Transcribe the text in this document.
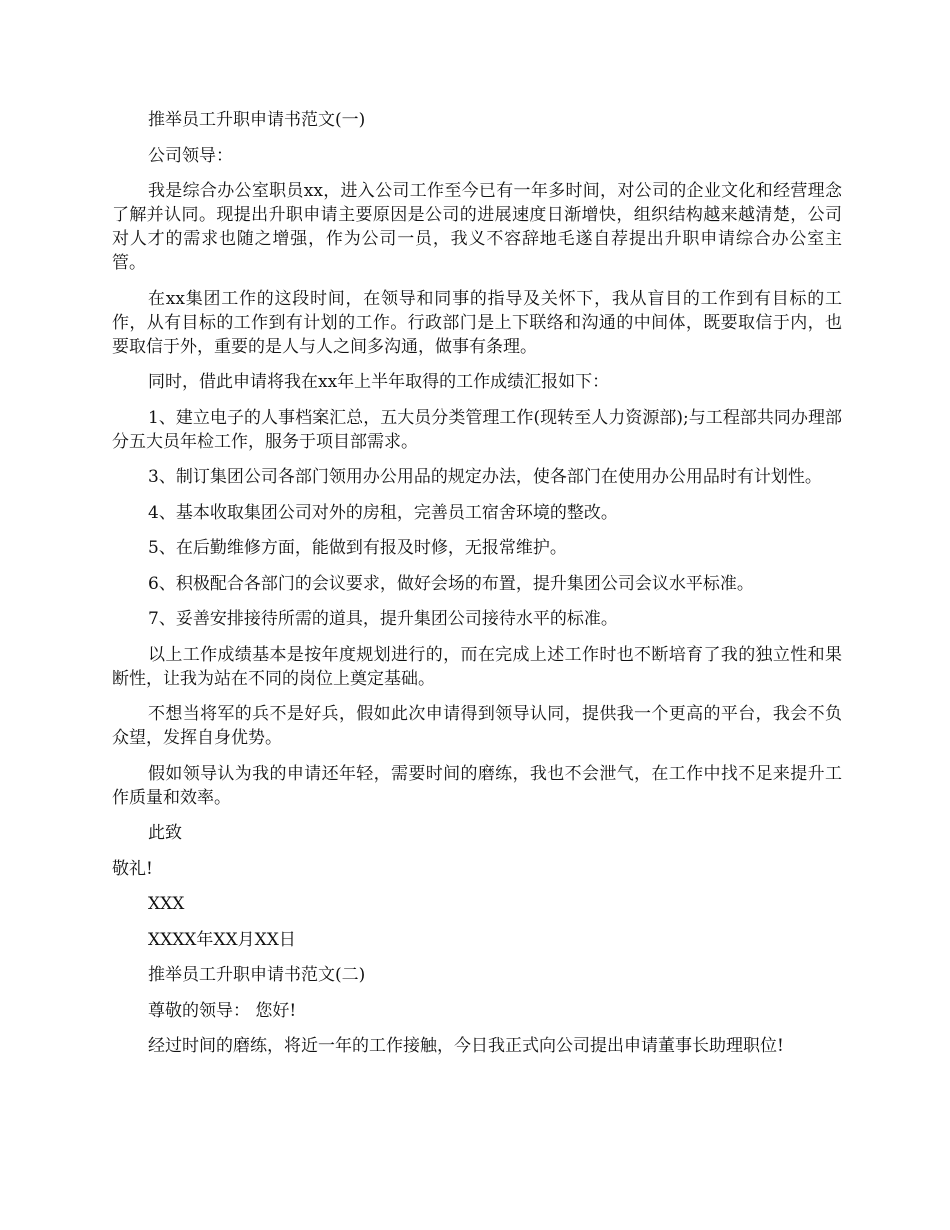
推举员工升职申请书范文(一)

公司领导：

我是综合办公室职员xx，进入公司工作至今已有一年多时间，对公司的企业文化和经营理念了解并认同。现提出升职申请主要原因是公司的进展速度日渐增快，组织结构越来越清楚，公司对人才的需求也随之增强，作为公司一员，我义不容辞地毛遂自荐提出升职申请综合办公室主管。

在xx集团工作的这段时间，在领导和同事的指导及关怀下，我从盲目的工作到有目标的工作，从有目标的工作到有计划的工作。行政部门是上下联络和沟通的中间体，既要取信于内，也要取信于外，重要的是人与人之间多沟通，做事有条理。

同时，借此申请将我在xx年上半年取得的工作成绩汇报如下：

1、建立电子的人事档案汇总，五大员分类管理工作(现转至人力资源部);与工程部共同办理部分五大员年检工作，服务于项目部需求。

3、制订集团公司各部门领用办公用品的规定办法，使各部门在使用办公用品时有计划性。

4、基本收取集团公司对外的房租，完善员工宿舍环境的整改。

5、在后勤维修方面，能做到有报及时修，无报常维护。

6、积极配合各部门的会议要求，做好会场的布置，提升集团公司会议水平标准。

7、妥善安排接待所需的道具，提升集团公司接待水平的标准。

以上工作成绩基本是按年度规划进行的，而在完成上述工作时也不断培育了我的独立性和果断性，让我为站在不同的岗位上奠定基础。

不想当将军的兵不是好兵，假如此次申请得到领导认同，提供我一个更高的平台，我会不负众望，发挥自身优势。

假如领导认为我的申请还年轻，需要时间的磨练，我也不会泄气，在工作中找不足来提升工作质量和效率。

此致

敬礼!

XXX

XXXX年XX月XX日

推举员工升职申请书范文(二)

尊敬的领导： 您好!

经过时间的磨练，将近一年的工作接触，今日我正式向公司提出申请董事长助理职位!
